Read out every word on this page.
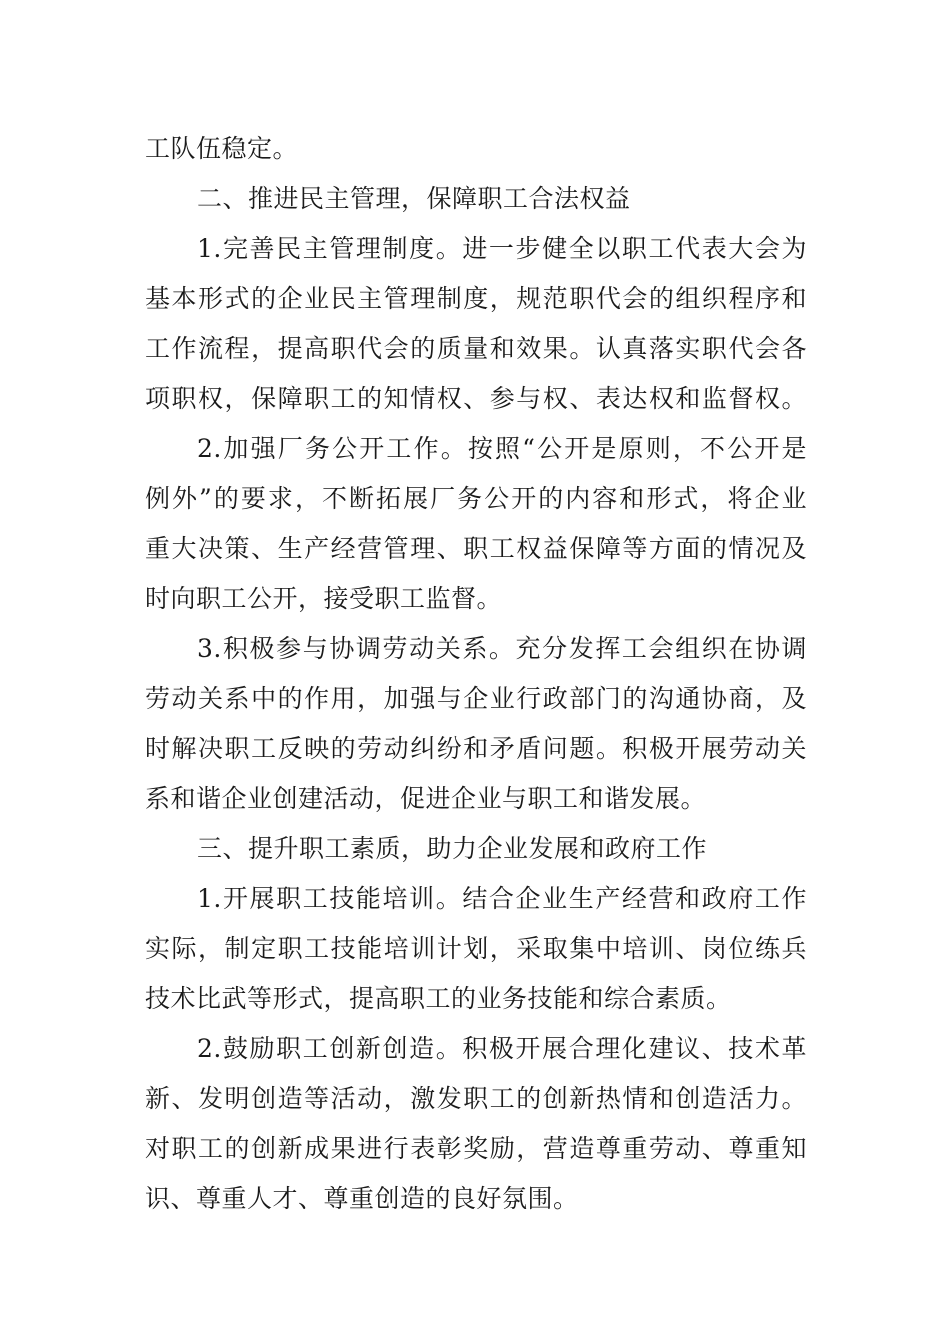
工队伍稳定。
二、推进民主管理，保障职工合法权益
1.完善民主管理制度。进一步健全以职工代表大会为
基本形式的企业民主管理制度，规范职代会的组织程序和
工作流程，提高职代会的质量和效果。认真落实职代会各
项职权，保障职工的知情权、参与权、表达权和监督权。
2.加强厂务公开工作。按照“公开是原则，不公开是
例外”的要求，不断拓展厂务公开的内容和形式，将企业
重大决策、生产经营管理、职工权益保障等方面的情况及
时向职工公开，接受职工监督。
3.积极参与协调劳动关系。充分发挥工会组织在协调
劳动关系中的作用，加强与企业行政部门的沟通协商，及
时解决职工反映的劳动纠纷和矛盾问题。积极开展劳动关
系和谐企业创建活动，促进企业与职工和谐发展。
三、提升职工素质，助力企业发展和政府工作
1.开展职工技能培训。结合企业生产经营和政府工作
实际，制定职工技能培训计划，采取集中培训、岗位练兵
技术比武等形式，提高职工的业务技能和综合素质。
2.鼓励职工创新创造。积极开展合理化建议、技术革
新、发明创造等活动，激发职工的创新热情和创造活力。
对职工的创新成果进行表彰奖励，营造尊重劳动、尊重知
识、尊重人才、尊重创造的良好氛围。
